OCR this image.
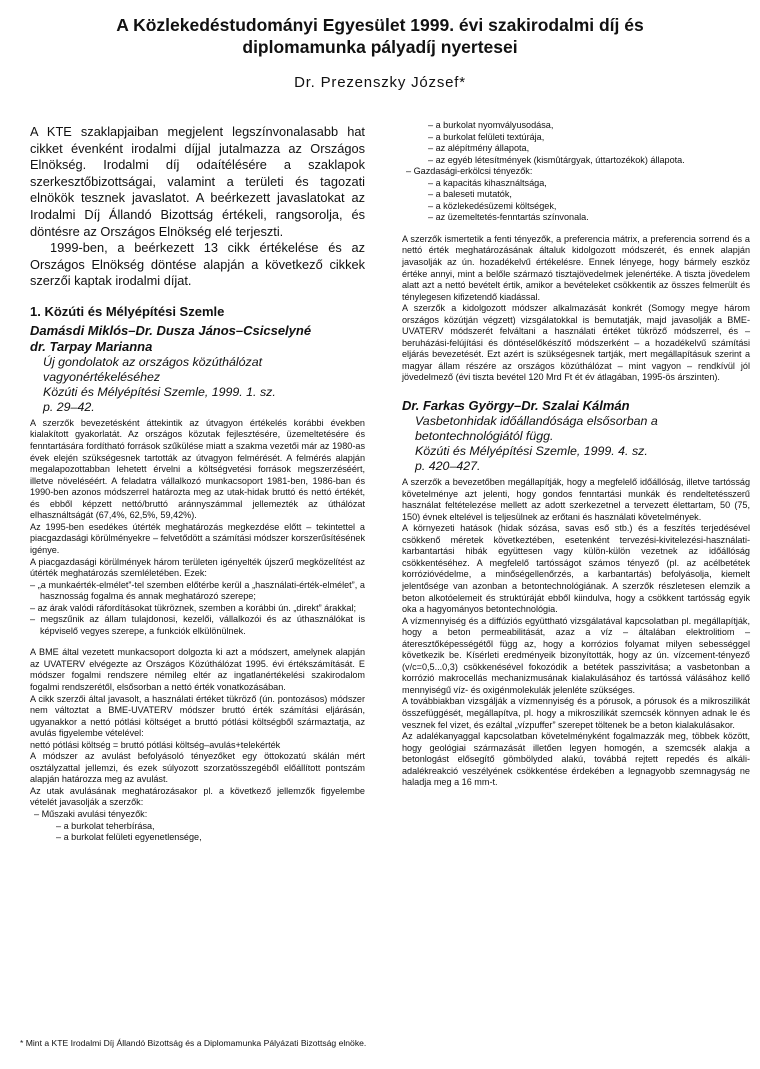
A Közlekedéstudományi Egyesület 1999. évi szakirodalmi díj és
diplomamunka pályadíj nyertesei
Dr. Prezenszky József*

A KTE szaklapjaiban megjelent legszínvonalasabb hat cikket évenként irodalmi díjjal jutalmazza az Országos Elnökség. Irodalmi díj odaítélésére a szaklapok szerkesztőbizottságai, valamint a területi és tagozati elnökök tesznek javaslatot. A beérkezett javaslatokat az Irodalmi Díj Állandó Bizottság értékeli, rangsorolja, és döntésre az Országos Elnökség elé terjeszti.

1999-ben, a beérkezett 13 cikk értékelése és az Országos Elnökség döntése alapján a következő cikkek szerzői kaptak irodalmi díjat.

1. Közúti és Mélyépítési Szemle
Damásdi Miklós–Dr. Dusza János–Csicselyné
dr. Tarpay Marianna
Új gondolatok az országos közúthálózat
vagyonértékeléséhez
Közúti és Mélyépítési Szemle, 1999. 1. sz.
p. 29–42.

A szerzők bevezetésként áttekintik az útvagyon értékelés korábbi években kialakított gyakorlatát. Az országos közutak fejlesztésére, üzemeltetésére és fenntartására fordítható források szűkülése miatt a szakma vezetői már az 1980-as évek elején szükségesnek tartották az útvagyon felmérését. A felmérés alapján megalapozottabban lehetett érvelni a költségvetési források megszerzéséért, illetve növeléséért. A feladatra vállalkozó munkacsoport 1981-ben, 1986-ban és 1990-ben azonos módszerrel határozta meg az utak-hidak bruttó és nettó értékét, és ebből képzett nettó/bruttó aránnyszámmal jellemezték az úthálózat elhasználtságát (67,4%, 62,5%, 59,42%).

Az 1995-ben esedékes útérték meghatározás megkezdése előtt – tekintettel a piacgazdasági körülményekre – felvetődött a számítási módszer korszerűsítésének igénye.

A piacgazdasági körülmények három területen igényelték újszerű megközelítést az útérték meghatározás szemléletében. Ezek:

– „a munkaérték-elmélet”-tel szemben előtérbe kerül a „használati-érték-elmélet”, a hasznosság fogalma és annak meghatározó szerepe;

– az árak valódi ráfordításokat tükröznek, szemben a korábbi ún. „direkt” árakkal;

– megszűnik az állam tulajdonosi, kezelői, vállalkozói és az úthasználókat is képviselő vegyes szerepe, a funkciók elkülönülnek.

A BME által vezetett munkacsoport dolgozta ki azt a módszert, amelynek alapján az UVATERV elvégezte az Országos Közúthálózat 1995. évi értékszámítását. E módszer fogalmi rendszere némileg eltér az ingatlanértékelési szakirodalom fogalmi rendszerétől, elsősorban a nettó érték vonatkozásában.

A cikk szerzői által javasolt, a használati értéket tükröző (ún. pontozásos) módszer nem változtat a BME-UVATERV módszer bruttó érték számítási eljárásán, ugyanakkor a nettó pótlási költséget a bruttó pótlási költségből származtatja, az avulás figyelembe vételével:

nettó pótlási költség = bruttó pótlási költség–avulás+telekérték

A módszer az avulást befolyásoló tényezőket egy öttokozatú skálán mért osztályzattal jellemzi, és ezek súlyozott szorzatösszegéből előállított pontszám alapján határozza meg az avulást.

Az utak avulásának meghatározásakor pl. a következő jellemzők figyelembe vételét javasolják a szerzők:

– Műszaki avulási tényezők:

– a burkolat teherbírása,

– a burkolat felületi egyenetlensége,

– a burkolat nyomvályusodása,

– a burkolat felületi textúrája,

– az alépítmény állapota,

– az egyéb létesítmények (kismûtárgyak, úttartozékok) állapota.

– Gazdasági-erkölcsi tényezők:

– a kapacitás kihasználtsága,

– a baleseti mutatók,

– a közlekedésüzemi költségek,

– az üzemeltetés-fenntartás színvonala.

A szerzők ismertetik a fenti tényezők, a preferencia mátrix, a preferencia sorrend és a nettó érték meghatározásának általuk kidolgozott módszerét, és ennek alapján javasolják az ún. hozadékelvű értékelésre. Ennek lényege, hogy bármely eszköz értéke annyi, mint a belőle származó tisztajövedelmek jelenértéke. A tiszta jövedelem alatt azt a nettó bevételt értik, amikor a bevételeket csökkentik az összes felmerült és ténylegesen kifizetendő kiadással.

A szerzők a kidolgozott módszer alkalmazását konkrét (Somogy megye három országos közútján végzett) vizsgálatokkal is bemutatják, majd javasolják a BME-UVATERV módszerét felváltani a használati értéket tükröző módszerrel, és – beruházási-felújítási és döntéselőkészítő módszerként – a hozadékelvű számítási eljárás bevezetését. Ezt azért is szükségesnek tartják, mert megállapításuk szerint a magyar állam részére az országos közúthálózat – mint vagyon – rendkívül jól jövedelmező (évi tiszta bevétel 120 Mrd Ft ét év átlagában, 1995-ös árszinten).

Dr. Farkas György–Dr. Szalai Kálmán
Vasbetonhidak időállandósága elsősorban a
betontechnológiától függ.
Közúti és Mélyépítési Szemle, 1999. 4. sz.
p. 420–427.

A szerzők a bevezetőben megállapítják, hogy a megfelelő időállóság, illetve tartósság követelménye azt jelenti, hogy gondos fenntartási munkák és rendeltetésszerű használat feltételezése mellett az adott szerkezetnel a tervezett élettartam, 50 (75, 150) évnek eltelével is teljesülnek az erőtani és használati követelmények.

A környezeti hatások (hidak sózása, savas eső stb.) és a feszítés terjedésével csökkenő méretek következtében, esetenként tervezési-kivitelezési-használati-karbantartási hibák együttesen vagy külön-külön vezetnek az időállóság csökkentéséhez. A megfelelő tartósságot számos tényező (pl. az acélbetétek korrózióvédelme, a minőségellenőrzés, a karbantartás) befolyásolja, kiemelt jelentősége van azonban a betontechnológiának. A szerzők részletesen elemzik a beton alkotóelemeit és struktúráját ebből kiindulva, hogy a csökkent tartósság egyik oka a hagyományos betontechnológia.

A vízmennyiség és a diffúziós együttható vizsgálatával kapcsolatban pl. megállapítják, hogy a beton permeabilitását, azaz a víz – általában elektrolitiom – áteresztőképességétől függ az, hogy a korrózios folyamat milyen sebességgel következik be. Kísérleti eredményeik bizonyították, hogy az ún. vízcement-tényező (v/c=0,5...0,3) csökkenésével fokozódik a betétek passzivitása; a vasbetonban a korrózió makrocellás mechanizmusának kialakulásához és tartóssá válásához kellő mennyiségű víz- és oxigénmolekulák jelenléte szükséges.

A továbbiakban vizsgálják a vízmennyiség és a pórusok, a pórusok és a mikroszilikát összefüggését, megállapítva, pl. hogy a mikroszilikát szemcsék könnyen adnak le és vesznek fel vizet, és ezáltal „vízpuffer” szerepet töltenek be a beton kialakulásakor.

Az adalékanyaggal kapcsolatban követelményként fogalmazzák meg, többek között, hogy geológiai származását illetően legyen homogén, a szemcsék alakja a betonlogást elősegítő gömbölyded alakú, továbbá rejtett repedés és alkáli-adalékreakció veszélyének csökkentése érdekében a legnagyobb szemnagyság ne haladja meg a 16 mm-t.

* Mint a KTE Irodalmi Díj Állandó Bizottság és a Diplomamunka Pályázati Bizottság elnöke.
